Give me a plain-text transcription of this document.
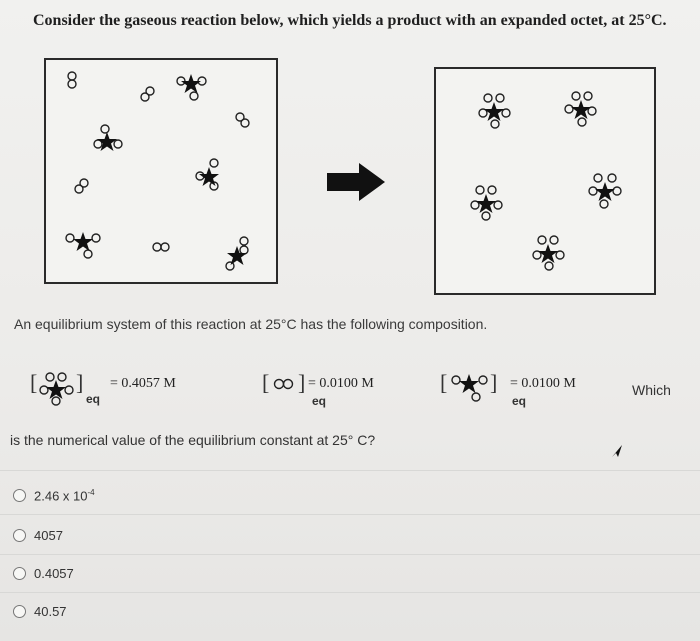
Consider the gaseous reaction below, which yields a product with an expanded octet, at 25°C.
An equilibrium system of this reaction at 25°C has the following composition.
[ ]
eq
= 0.4057 M	[ ]
eq
= 0.0100 M	[ ]
eq
= 0.0100 M	Which
is the numerical value of the equilibrium constant at 25° C?
2.46 x $10^{-4}$
4057
0.4057
40.57
